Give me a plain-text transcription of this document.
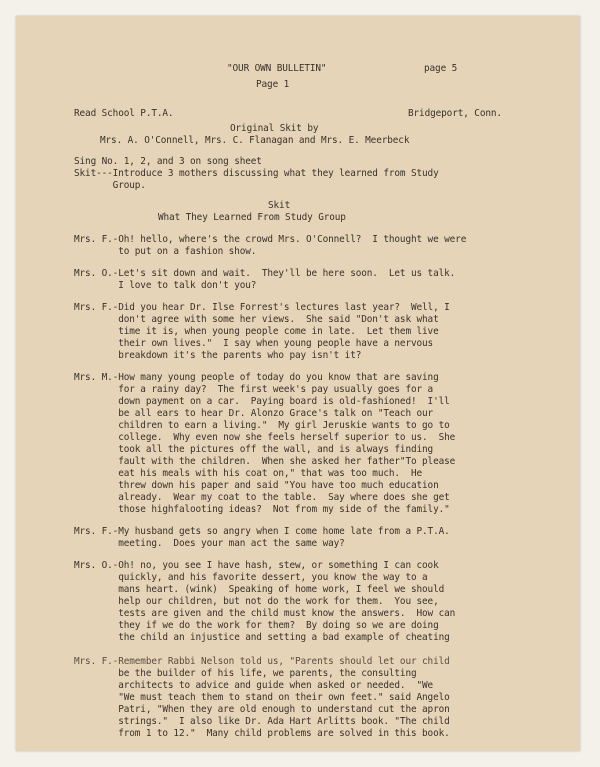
"OUR OWN BULLETIN"	page 5
Page 1
Read School P.T.A.	Bridgeport, Conn.
Original Skit by
Mrs. A. O'Connell, Mrs. C. Flanagan and Mrs. E. Meerbeck
Sing No. 1, 2, and 3 on song sheet
Skit---Introduce 3 mothers discussing what they learned from Study
Group.
Skit
What They Learned From Study Group
Mrs. F.-Oh! hello, where's the crowd Mrs. O'Connell?  I thought we were
to put on a fashion show.
Mrs. O.-Let's sit down and wait.  They'll be here soon.  Let us talk.
I love to talk don't you?
Mrs. F.-Did you hear Dr. Ilse Forrest's lectures last year?  Well, I
don't agree with some her views.  She said "Don't ask what
time it is, when young people come in late.  Let them live
their own lives."  I say when young people have a nervous
breakdown it's the parents who pay isn't it?
Mrs. M.-How many young people of today do you know that are saving
for a rainy day?  The first week's pay usually goes for a
down payment on a car.  Paying board is old-fashioned!  I'll
be all ears to hear Dr. Alonzo Grace's talk on "Teach our
children to earn a living."  My girl Jeruskie wants to go to
college.  Why even now she feels herself superior to us.  She
took all the pictures off the wall, and is always finding
fault with the children.  When she asked her father"To please
eat his meals with his coat on," that was too much.  He
threw down his paper and said "You have too much education
already.  Wear my coat to the table.  Say where does she get
those highfalooting ideas?  Not from my side of the family."
Mrs. F.-My husband gets so angry when I come home late from a P.T.A.
meeting.  Does your man act the same way?
Mrs. O.-Oh! no, you see I have hash, stew, or something I can cook
quickly, and his favorite dessert, you know the way to a
mans heart. (wink)  Speaking of home work, I feel we should
help our children, but not do the work for them.  You see,
tests are given and the child must know the answers.  How can
they if we do the work for them?  By doing so we are doing
the child an injustice and setting a bad example of cheating
Mrs. F.-Remember Rabbi Nelson told us, "Parents should let our child
be the builder of his life, we parents, the consulting
architects to advice and guide when asked or needed.  "We
"We must teach them to stand on their own feet." said Angelo
Patri, "When they are old enough to understand cut the apron
strings."  I also like Dr. Ada Hart Arlitts book. "The child
from 1 to 12."  Many child problems are solved in this book.
